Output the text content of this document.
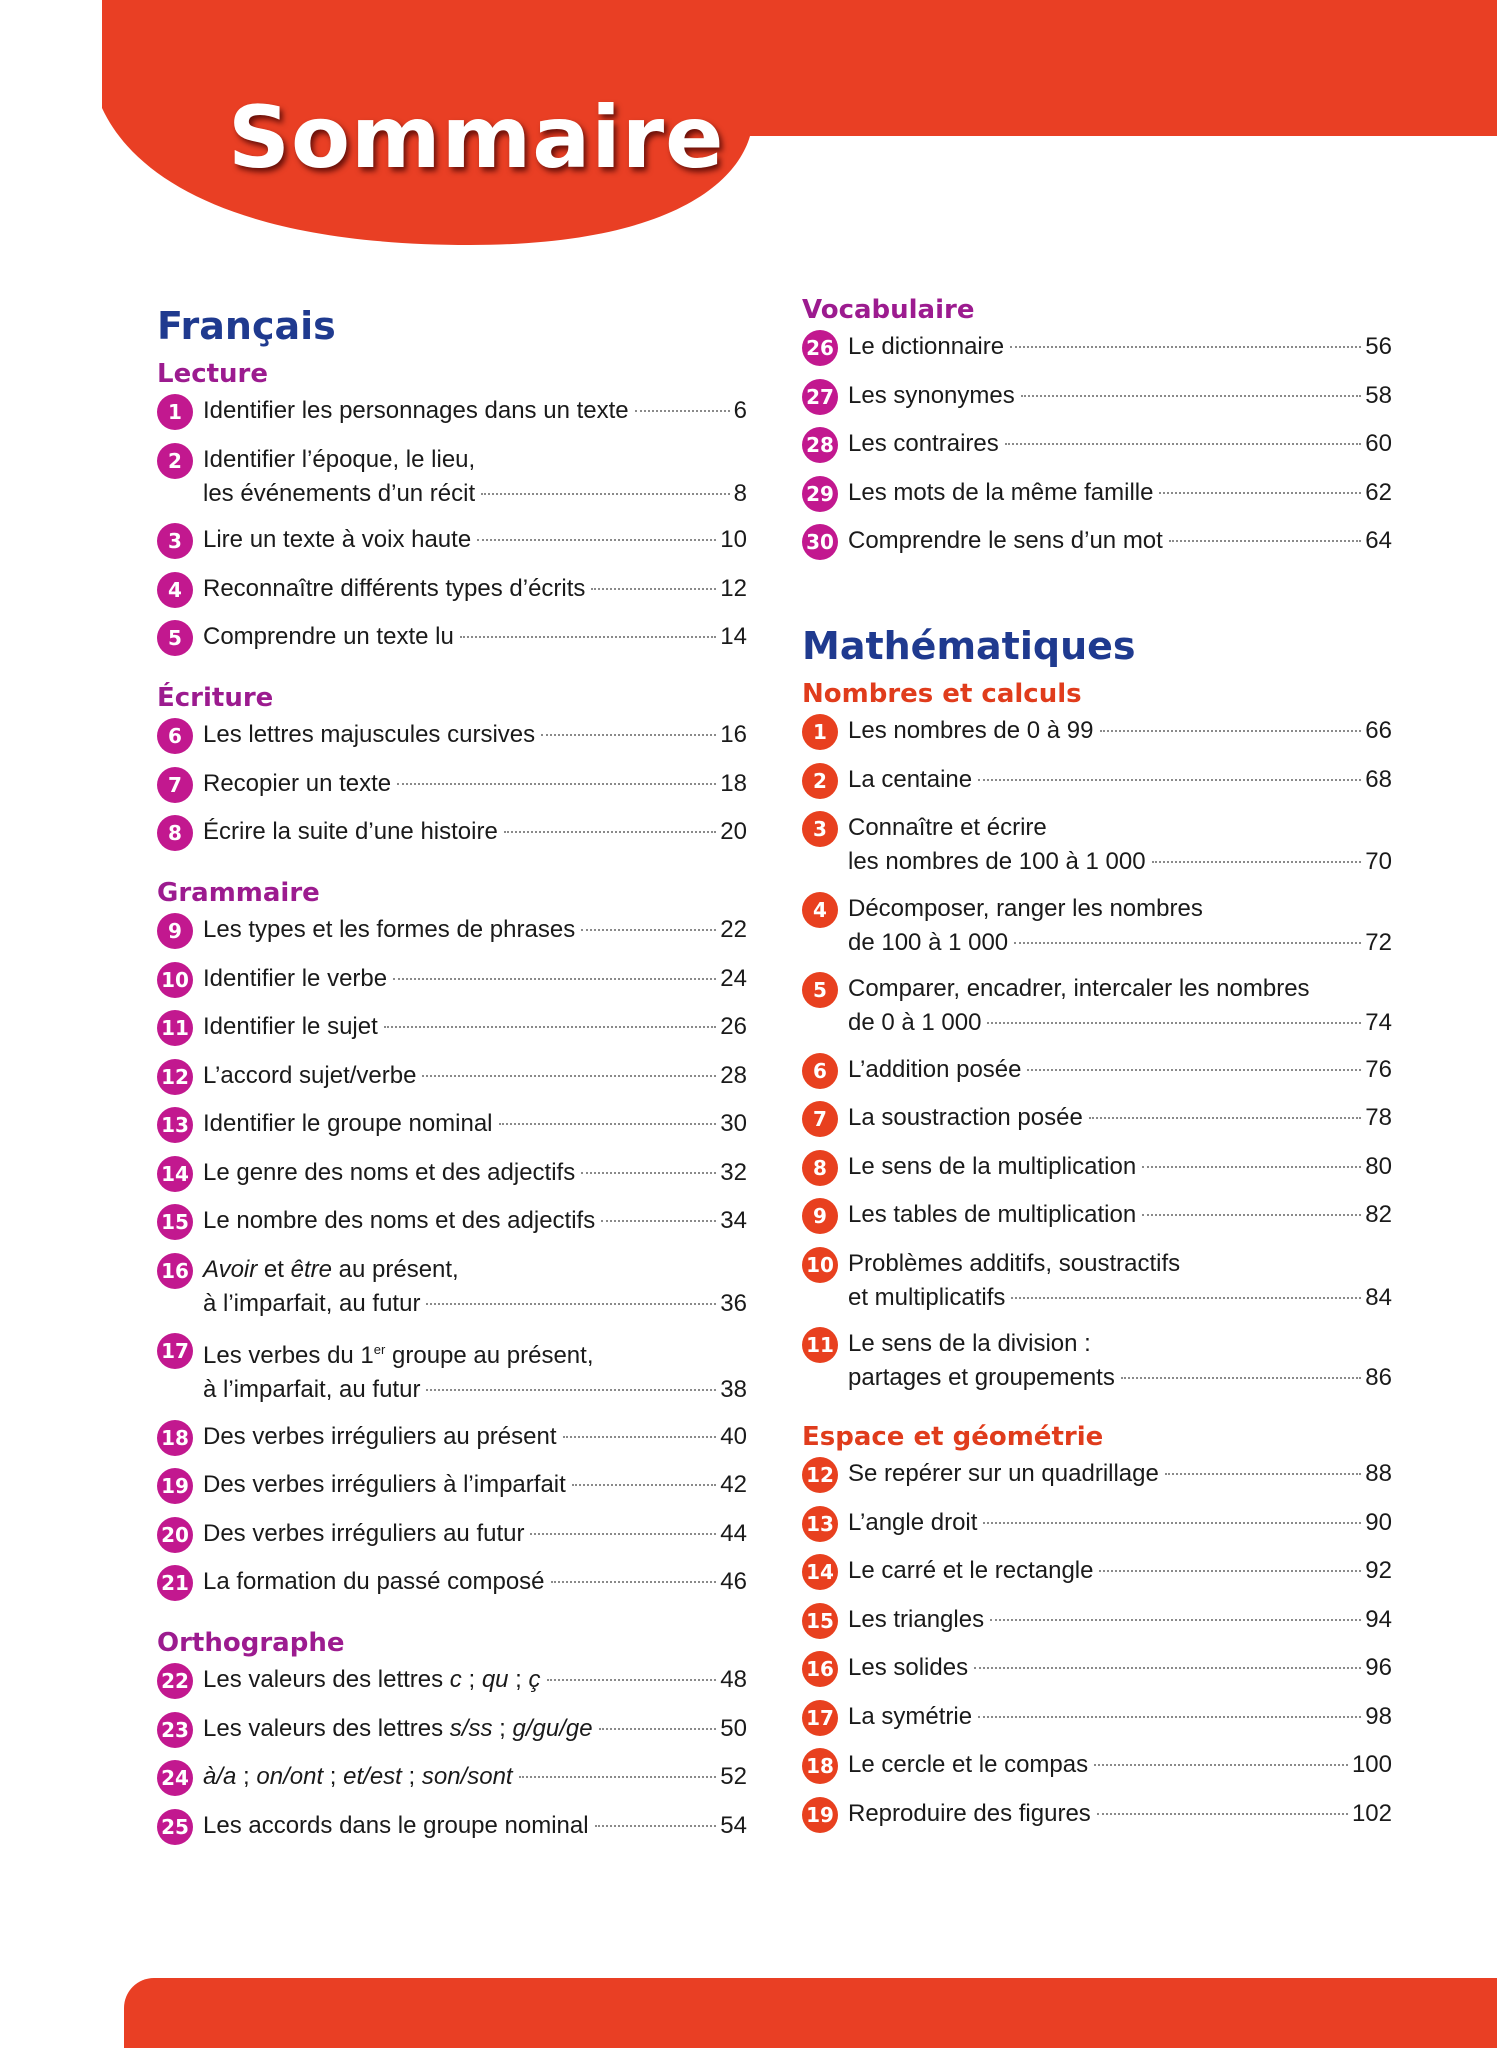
Sommaire
Français
Lecture
1 Identifier les personnages dans un texte	6
2 Identifier l’époque, le lieu,
les événements d’un récit	8
3 Lire un texte à voix haute	10
4 Reconnaître différents types d’écrits	12
5 Comprendre un texte lu	14
Écriture
6 Les lettres majuscules cursives	16
7 Recopier un texte	18
8 Écrire la suite d’une histoire	20
Grammaire
9 Les types et les formes de phrases	22
10 Identifier le verbe	24
11 Identifier le sujet	26
12 L’accord sujet/verbe	28
13 Identifier le groupe nominal	30
14 Le genre des noms et des adjectifs	32
15 Le nombre des noms et des adjectifs	34
16 Avoir et être au présent,
à l’imparfait, au futur	36
17 Les verbes du 1er groupe au présent,
à l’imparfait, au futur	38
18 Des verbes irréguliers au présent	40
19 Des verbes irréguliers à l’imparfait	42
20 Des verbes irréguliers au futur	44
21 La formation du passé composé	46
Orthographe
22 Les valeurs des lettres c ; qu ; ç	48
23 Les valeurs des lettres s/ss ; g/gu/ge	50
24 à/a ; on/ont ; et/est ; son/sont	52
25 Les accords dans le groupe nominal	54
Vocabulaire
26 Le dictionnaire	56
27 Les synonymes	58
28 Les contraires	60
29 Les mots de la même famille	62
30 Comprendre le sens d’un mot	64
Mathématiques
Nombres et calculs
1 Les nombres de 0 à 99	66
2 La centaine	68
3 Connaître et écrire
les nombres de 100 à 1 000	70
4 Décomposer, ranger les nombres
de 100 à 1 000	72
5 Comparer, encadrer, intercaler les nombres
de 0 à 1 000	74
6 L’addition posée	76
7 La soustraction posée	78
8 Le sens de la multiplication	80
9 Les tables de multiplication	82
10 Problèmes additifs, soustractifs
et multiplicatifs	84
11 Le sens de la division :
partages et groupements	86
Espace et géométrie
12 Se repérer sur un quadrillage	88
13 L’angle droit	90
14 Le carré et le rectangle	92
15 Les triangles	94
16 Les solides	96
17 La symétrie	98
18 Le cercle et le compas	100
19 Reproduire des figures	102
